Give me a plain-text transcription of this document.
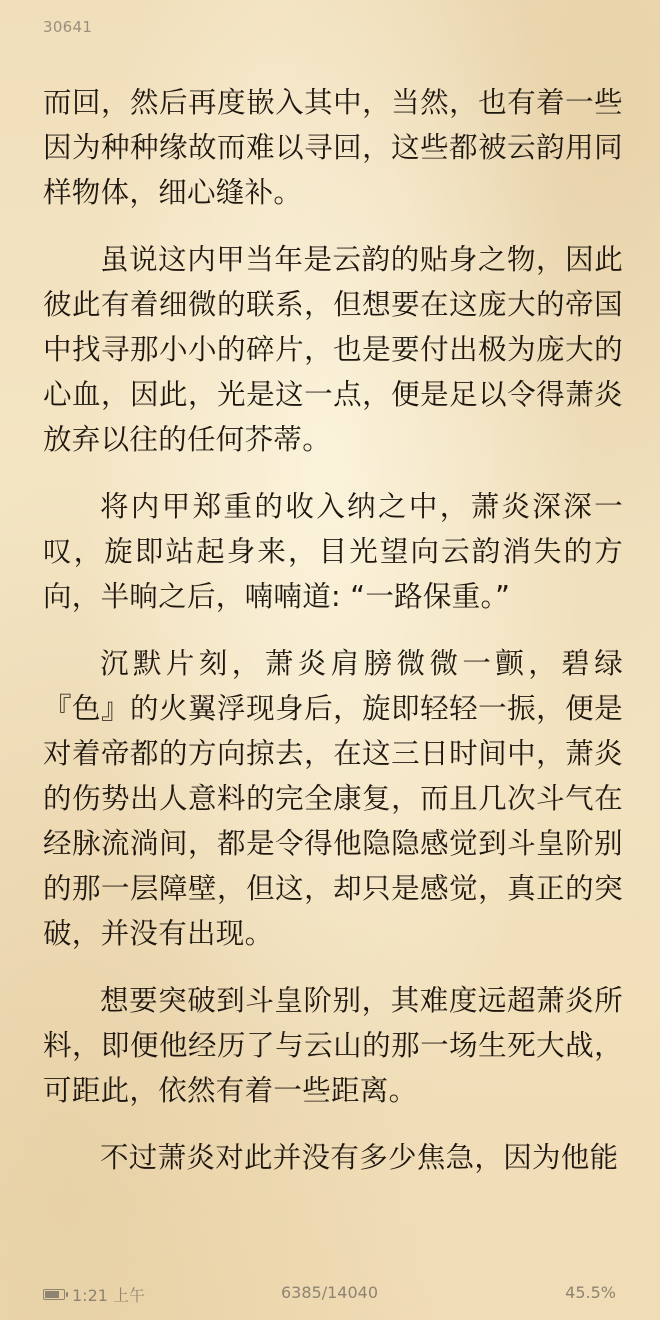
30641

而回，然后再度嵌入其中，当然，也有着一些因为种种缘故而难以寻回，这些都被云韵用同样物体，细心缝补。

虽说这内甲当年是云韵的贴身之物，因此彼此有着细微的联系，但想要在这庞大的帝国中找寻那小小的碎片，也是要付出极为庞大的心血，因此，光是这一点，便是足以令得萧炎放弃以往的任何芥蒂。

将内甲郑重的收入纳之中，萧炎深深一叹，旋即站起身来，目光望向云韵消失的方向，半晌之后，喃喃道: “一路保重。”

沉默片刻，萧炎肩膀微微一颤，碧绿『色』的火翼浮现身后，旋即轻轻一振，便是对着帝都的方向掠去，在这三日时间中，萧炎的伤势出人意料的完全康复，而且几次斗气在经脉流淌间，都是令得他隐隐感觉到斗皇阶别的那一层障壁，但这，却只是感觉，真正的突破，并没有出现。

想要突破到斗皇阶别，其难度远超萧炎所料，即便他经历了与云山的那一场生死大战，可距此，依然有着一些距离。

不过萧炎对此并没有多少焦急，因为他能

1:21 上午	6385/14040	45.5%
